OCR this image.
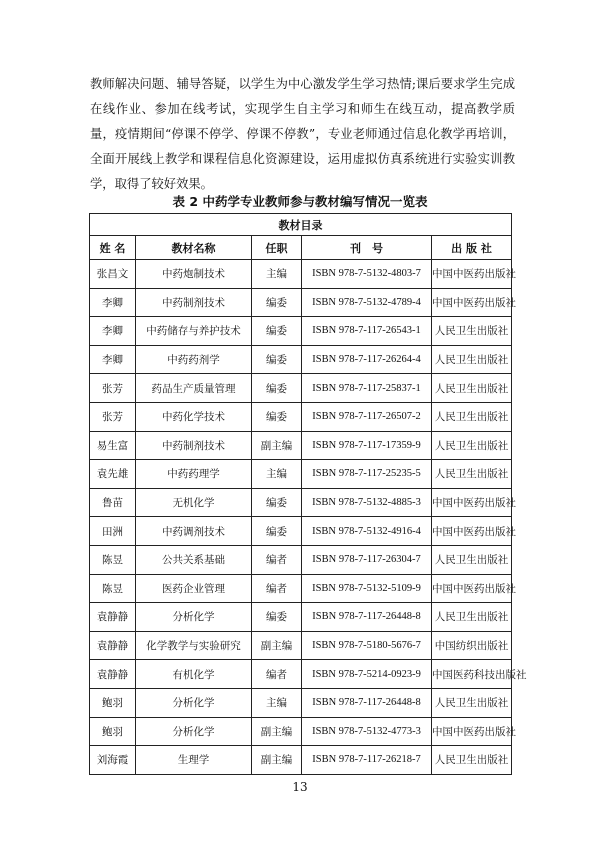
教师解决问题、辅导答疑，以学生为中心激发学生学习热情;课后要求学生完成在线作业、参加在线考试，实现学生自主学习和师生在线互动，提高教学质量，疫情期间“停课不停学、停课不停教”，专业老师通过信息化教学再培训，全面开展线上教学和课程信息化资源建设，运用虚拟仿真系统进行实验实训教学，取得了较好效果。

表 2 中药学专业教师参与教材编写情况一览表
教材目录				
姓 名	教材名称	任职	刊　号	出 版 社
张昌文	中药炮制技术	主编	ISBN 978-7-5132-4803-7	中国中医药出版社
李卿	中药制剂技术	编委	ISBN 978-7-5132-4789-4	中国中医药出版社
李卿	中药储存与养护技术	编委	ISBN 978-7-117-26543-1	人民卫生出版社
李卿	中药药剂学	编委	ISBN 978-7-117-26264-4	人民卫生出版社
张芳	药品生产质量管理	编委	ISBN 978-7-117-25837-1	人民卫生出版社
张芳	中药化学技术	编委	ISBN 978-7-117-26507-2	人民卫生出版社
易生富	中药制剂技术	副主编	ISBN 978-7-117-17359-9	人民卫生出版社
袁先雄	中药药理学	主编	ISBN 978-7-117-25235-5	人民卫生出版社
鲁苗	无机化学	编委	ISBN 978-7-5132-4885-3	中国中医药出版社
田洲	中药调剂技术	编委	ISBN 978-7-5132-4916-4	中国中医药出版社
陈昱	公共关系基础	编者	ISBN 978-7-117-26304-7	人民卫生出版社
陈昱	医药企业管理	编者	ISBN 978-7-5132-5109-9	中国中医药出版社
袁静静	分析化学	编委	ISBN 978-7-117-26448-8	人民卫生出版社
袁静静	化学教学与实验研究	副主编	ISBN 978-7-5180-5676-7	中国纺织出版社
袁静静	有机化学	编者	ISBN 978-7-5214-0923-9	中国医药科技出版社
鲍羽	分析化学	主编	ISBN 978-7-117-26448-8	人民卫生出版社
鲍羽	分析化学	副主编	ISBN 978-7-5132-4773-3	中国中医药出版社
刘海霞	生理学	副主编	ISBN 978-7-117-26218-7	人民卫生出版社
13
